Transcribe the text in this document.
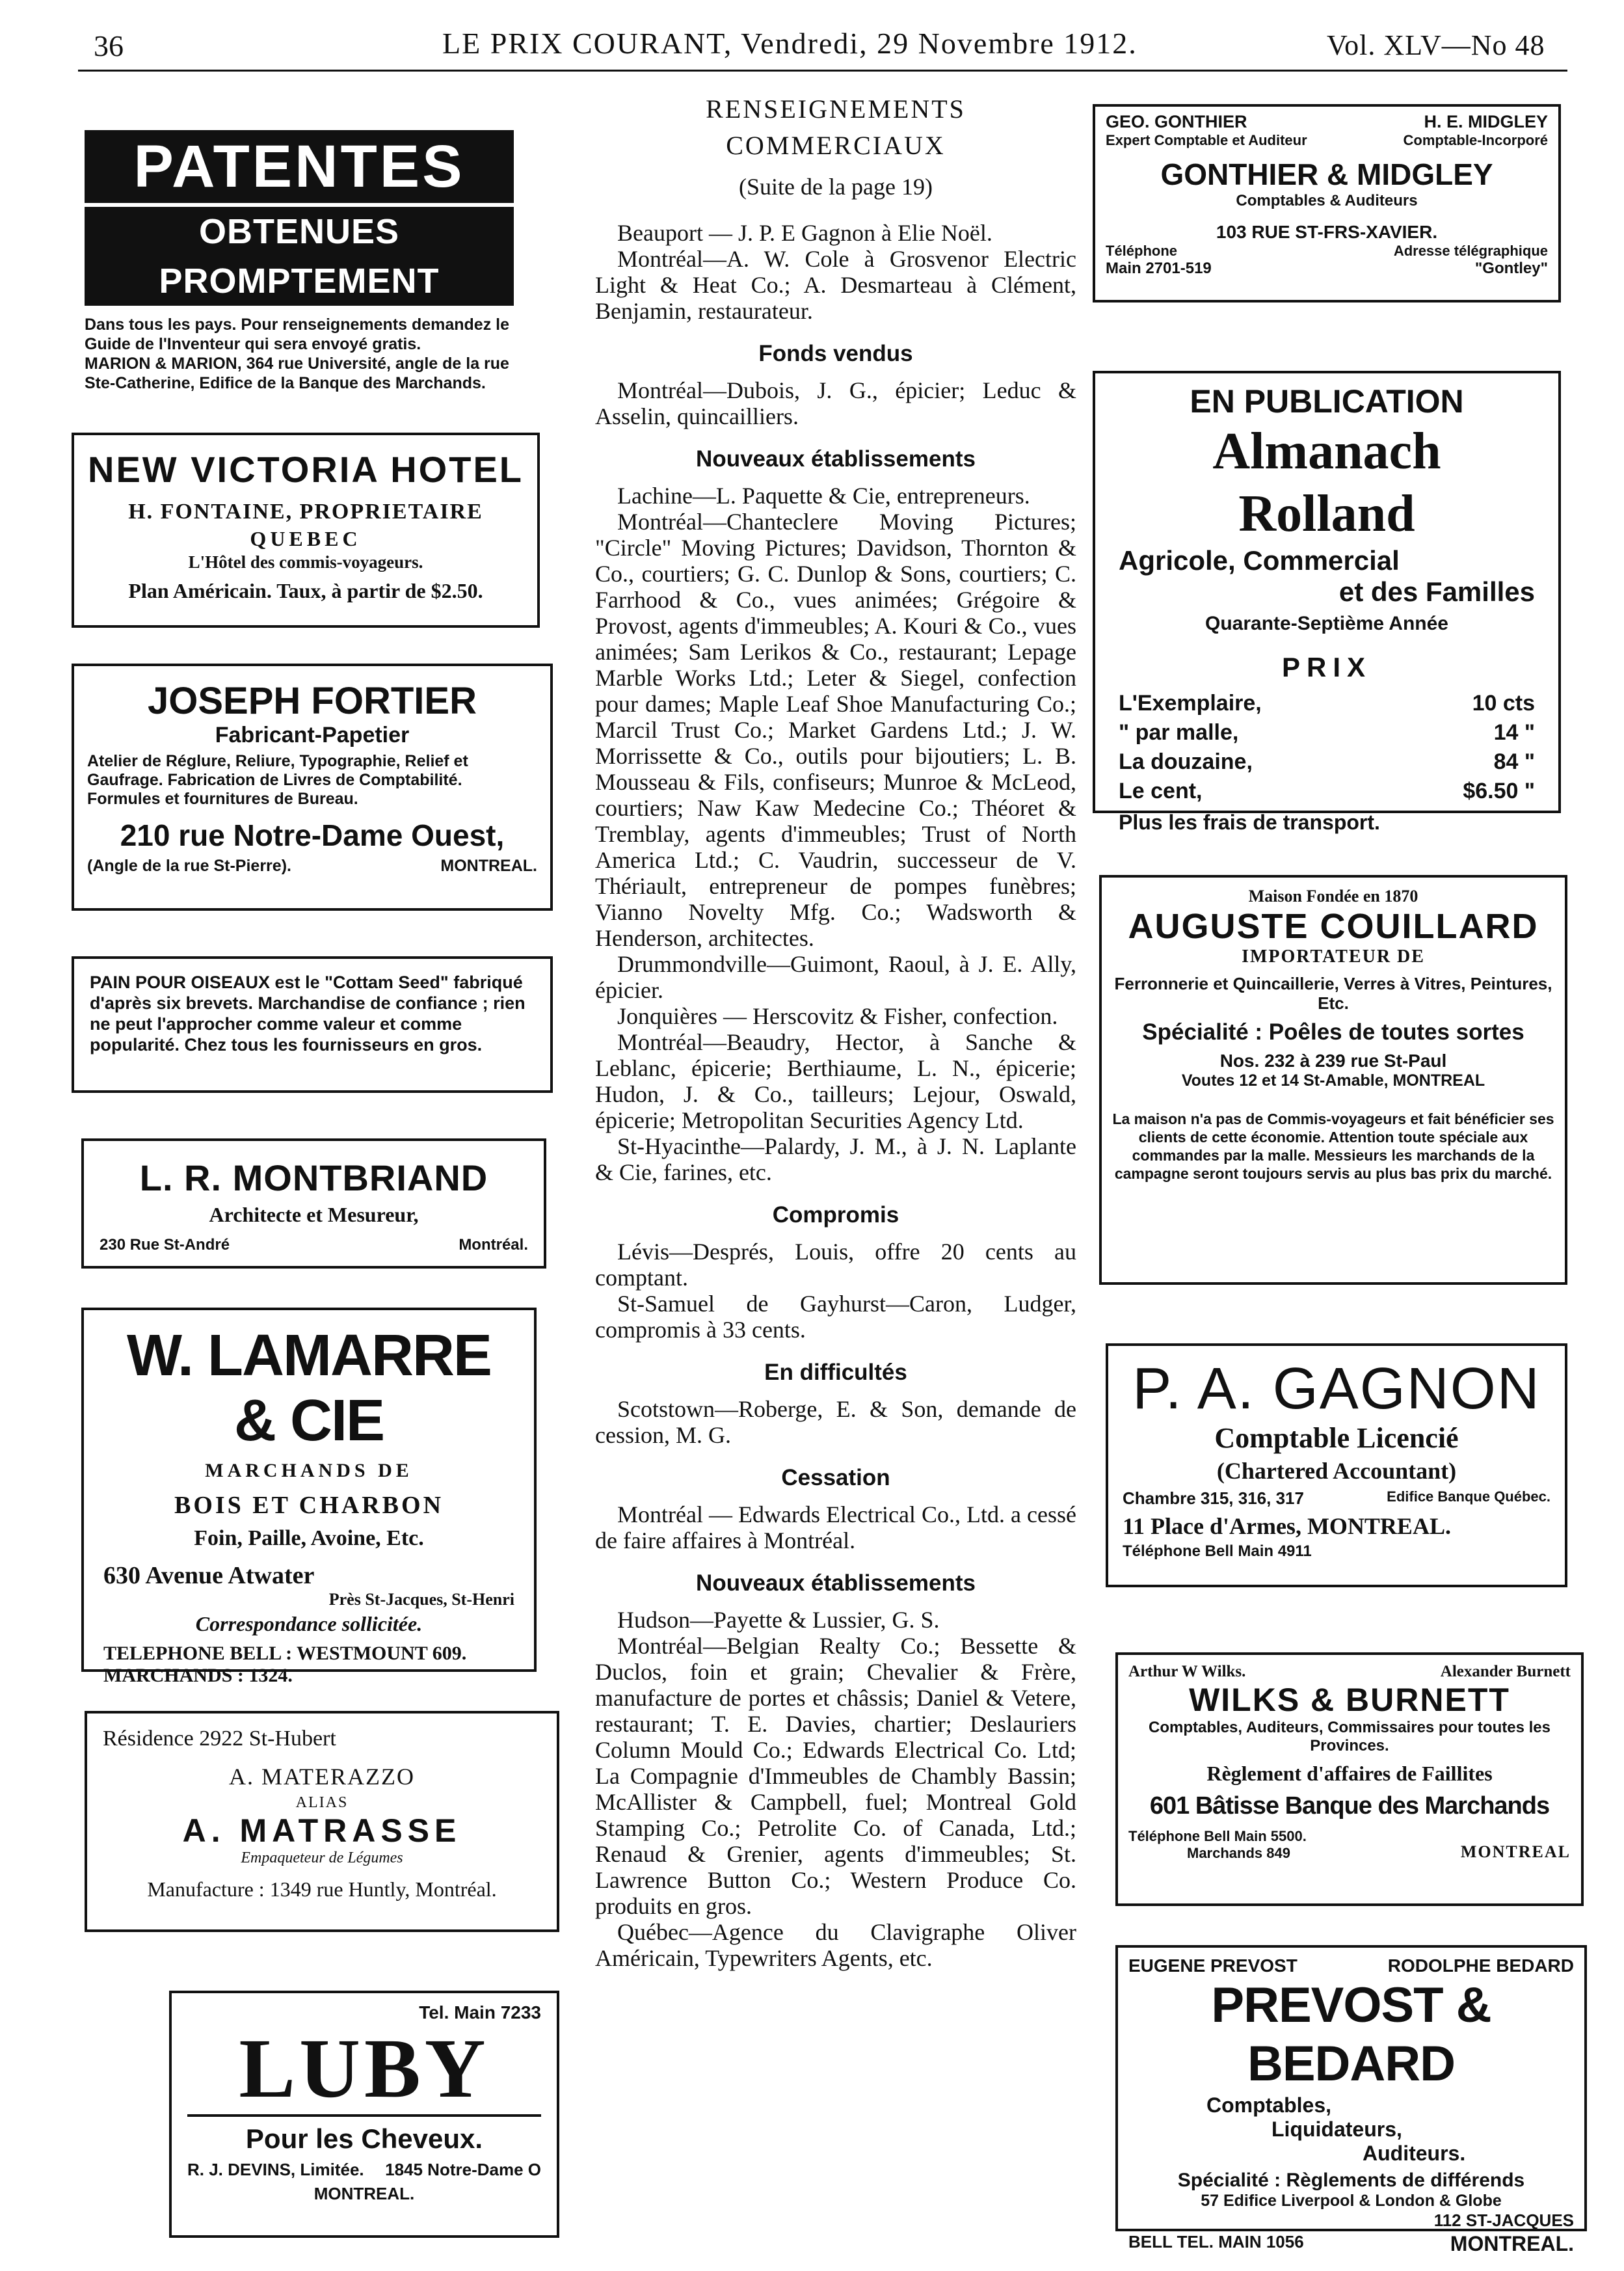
36	LE PRIX COURANT, Vendredi, 29 Novembre 1912.	Vol. XLV—No 48
PATENTES
OBTENUES PROMPTEMENT
Dans tous les pays. Pour renseignements demandez le Guide de l'Inventeur qui sera envoyé gratis.
MARION & MARION, 364 rue Université, angle de la rue Ste-Catherine, Edifice de la Banque des Marchands.
NEW VICTORIA HOTEL
H. FONTAINE, PROPRIETAIRE
QUEBEC
L'Hôtel des commis-voyageurs.
Plan Américain. Taux, à partir de $2.50.
JOSEPH FORTIER
Fabricant-Papetier
Atelier de Réglure, Reliure, Typographie, Relief et Gaufrage. Fabrication de Livres de Comptabilité. Formules et fournitures de Bureau.
210 rue Notre-Dame Ouest,
(Angle de la rue St-Pierre).	MONTREAL.
PAIN POUR OISEAUX est le "Cottam Seed" fabriqué d'après six brevets. Marchandise de confiance ; rien ne peut l'approcher comme valeur et comme popularité. Chez tous les fournisseurs en gros.
L. R. MONTBRIAND
Architecte et Mesureur,
230 Rue St-André	Montréal.
W. LAMARRE & CIE
MARCHANDS DE
BOIS ET CHARBON
Foin, Paille, Avoine, Etc.
630 Avenue Atwater
Près St-Jacques, St-Henri
Correspondance sollicitée.
TELEPHONE BELL : WESTMOUNT 609.
MARCHANDS : 1324.
Résidence 2922 St-Hubert
A. MATERAZZO
ALIAS
A. MATRASSE
Empaqueteur de Légumes
Manufacture : 1349 rue Huntly, Montréal.
Tel. Main 7233
LUBY
Pour les Cheveux.
R. J. DEVINS, Limitée. 1845 Notre-Dame O
MONTREAL.
RENSEIGNEMENTS COMMERCIAUX
(Suite de la page 19)

Beauport — J. P. E Gagnon à Elie Noël.

Montréal—A. W. Cole à Grosvenor Electric Light & Heat Co.; A. Desmarteau à Clément, Benjamin, restaurateur.

Fonds vendus

Montréal—Dubois, J. G., épicier; Leduc & Asselin, quincailliers.

Nouveaux établissements

Lachine—L. Paquette & Cie, entrepreneurs.

Montréal—Chanteclere Moving Pictures; "Circle" Moving Pictures; Davidson, Thornton & Co., courtiers; G. C. Dunlop & Sons, courtiers; C. Farrhood & Co., vues animées; Grégoire & Provost, agents d'immeubles; A. Kouri & Co., vues animées; Sam Lerikos & Co., restaurant; Lepage Marble Works Ltd.; Leter & Siegel, confection pour dames; Maple Leaf Shoe Manufacturing Co.; Marcil Trust Co.; Market Gardens Ltd.; J. W. Morrissette & Co., outils pour bijoutiers; L. B. Mousseau & Fils, confiseurs; Munroe & McLeod, courtiers; Naw Kaw Medecine Co.; Théoret & Tremblay, agents d'immeubles; Trust of North America Ltd.; C. Vaudrin, successeur de V. Thériault, entrepreneur de pompes funèbres; Vianno Novelty Mfg. Co.; Wadsworth & Henderson, architectes.

Drummondville—Guimont, Raoul, à J. E. Ally, épicier.

Jonquières — Herscovitz & Fisher, confection.

Montréal—Beaudry, Hector, à Sanche & Leblanc, épicerie; Berthiaume, L. N., épicerie; Hudon, J. & Co., tailleurs; Lejour, Oswald, épicerie; Metropolitan Securities Agency Ltd.

St-Hyacinthe—Palardy, J. M., à J. N. Laplante & Cie, farines, etc.

Compromis

Lévis—Després, Louis, offre 20 cents au comptant.

St-Samuel de Gayhurst—Caron, Ludger, compromis à 33 cents.

En difficultés

Scotstown—Roberge, E. & Son, demande de cession, M. G.

Cessation

Montréal — Edwards Electrical Co., Ltd. a cessé de faire affaires à Montréal.

Nouveaux établissements

Hudson—Payette & Lussier, G. S.

Montréal—Belgian Realty Co.; Bessette & Duclos, foin et grain; Chevalier & Frère, manufacture de portes et châssis; Daniel & Vetere, restaurant; T. E. Davies, chartier; Deslauriers Column Mould Co.; Edwards Electrical Co. Ltd; La Compagnie d'Immeubles de Chambly Bassin; McAllister & Campbell, fuel; Montreal Gold Stamping Co.; Petrolite Co. of Canada, Ltd.; Renaud & Grenier, agents d'immeubles; St. Lawrence Button Co.; Western Produce Co. produits en gros.

Québec—Agence du Clavigraphe Oliver Américain, Typewriters Agents, etc.

GEO. GONTHIER	H. E. MIDGLEY
Expert Comptable et Auditeur	Comptable-Incorporé
GONTHIER & MIDGLEY
Comptables & Auditeurs
103 RUE ST-FRS-XAVIER.
Téléphone	Adresse télégraphique
Main 2701-519	"Gontley"
EN PUBLICATION
Almanach Rolland
Agricole, Commercial
et des Familles
Quarante-Septième Année
PRIX
L'Exemplaire,	10 cts
" par malle,	14 "
La douzaine,	84 "
Le cent,	$6.50 "
Plus les frais de transport.
Maison Fondée en 1870
AUGUSTE COUILLARD
IMPORTATEUR DE
Ferronnerie et Quincaillerie, Verres à Vitres, Peintures, Etc.
Spécialité : Poêles de toutes sortes
Nos. 232 à 239 rue St-Paul
Voutes 12 et 14 St-Amable, MONTREAL
La maison n'a pas de Commis-voyageurs et fait bénéficier ses clients de cette économie. Attention toute spéciale aux commandes par la malle. Messieurs les marchands de la campagne seront toujours servis au plus bas prix du marché.
P. A. GAGNON
Comptable Licencié
(Chartered Accountant)
Chambre 315, 316, 317	Edifice Banque Québec.
11 Place d'Armes, MONTREAL.
Téléphone Bell Main 4911
Arthur W Wilks.	Alexander Burnett
WILKS & BURNETT
Comptables, Auditeurs, Commissaires pour toutes les Provinces.
Règlement d'affaires de Faillites
601 Bâtisse Banque des Marchands
Téléphone Bell Main 5500.
Marchands 849	MONTREAL
EUGENE PREVOST	RODOLPHE BEDARD
PREVOST & BEDARD
Comptables,
Liquidateurs,
Auditeurs.
Spécialité : Règlements de différends
57 Edifice Liverpool & London & Globe
112 ST-JACQUES
BELL TEL. MAIN 1056	MONTREAL.
